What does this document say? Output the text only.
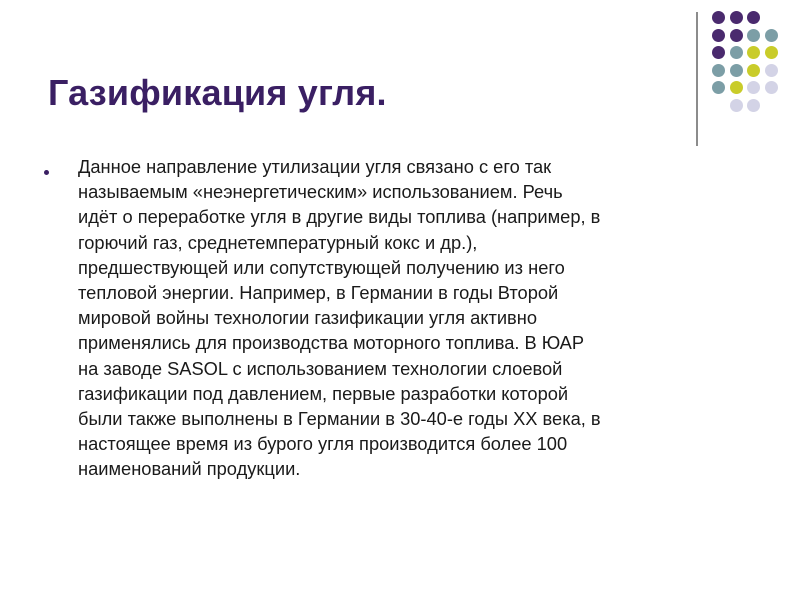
Газификация угля.
Данное направление утилизации угля связано с его так
называемым «неэнергетическим» использованием. Речь
идёт о переработке угля в другие виды топлива (например, в
горючий газ, среднетемпературный кокс и др.),
предшествующей или сопутствующей получению из него
тепловой энергии. Например, в Германии в годы Второй
мировой войны технологии газификации угля активно
применялись для производства моторного топлива. В ЮАР
на заводе SASOL с использованием технологии слоевой
газификации под давлением, первые разработки которой
были также выполнены в Германии в 30-40-е годы XX века, в
настоящее время из бурого угля производится более 100
наименований продукции.
